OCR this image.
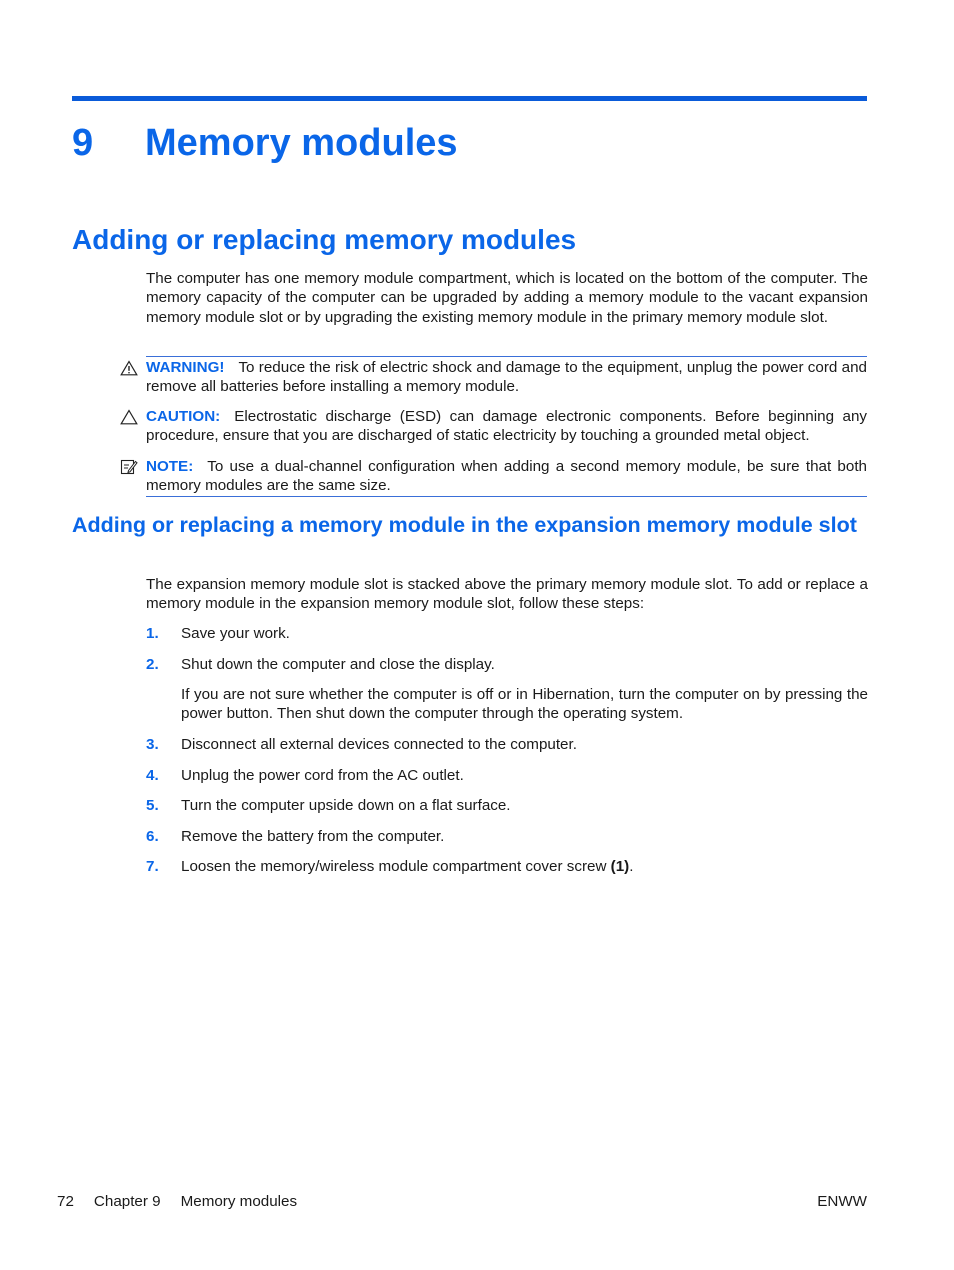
9 Memory modules
Adding or replacing memory modules

The computer has one memory module compartment, which is located on the bottom of the computer. The memory capacity of the computer can be upgraded by adding a memory module to the vacant expansion memory module slot or by upgrading the existing memory module in the primary memory module slot.

WARNING! To reduce the risk of electric shock and damage to the equipment, unplug the power cord and remove all batteries before installing a memory module.
CAUTION: Electrostatic discharge (ESD) can damage electronic components. Before beginning any procedure, ensure that you are discharged of static electricity by touching a grounded metal object.
NOTE: To use a dual-channel configuration when adding a second memory module, be sure that both memory modules are the same size.
Adding or replacing a memory module in the expansion memory module slot

The expansion memory module slot is stacked above the primary memory module slot. To add or replace a memory module in the expansion memory module slot, follow these steps:

1. Save your work.
2. Shut down the computer and close the display.
If you are not sure whether the computer is off or in Hibernation, turn the computer on by pressing the power button. Then shut down the computer through the operating system.
3. Disconnect all external devices connected to the computer.
4. Unplug the power cord from the AC outlet.
5. Turn the computer upside down on a flat surface.
6. Remove the battery from the computer.
7. Loosen the memory/wireless module compartment cover screw (1).
72 Chapter 9 Memory modules	ENWW
